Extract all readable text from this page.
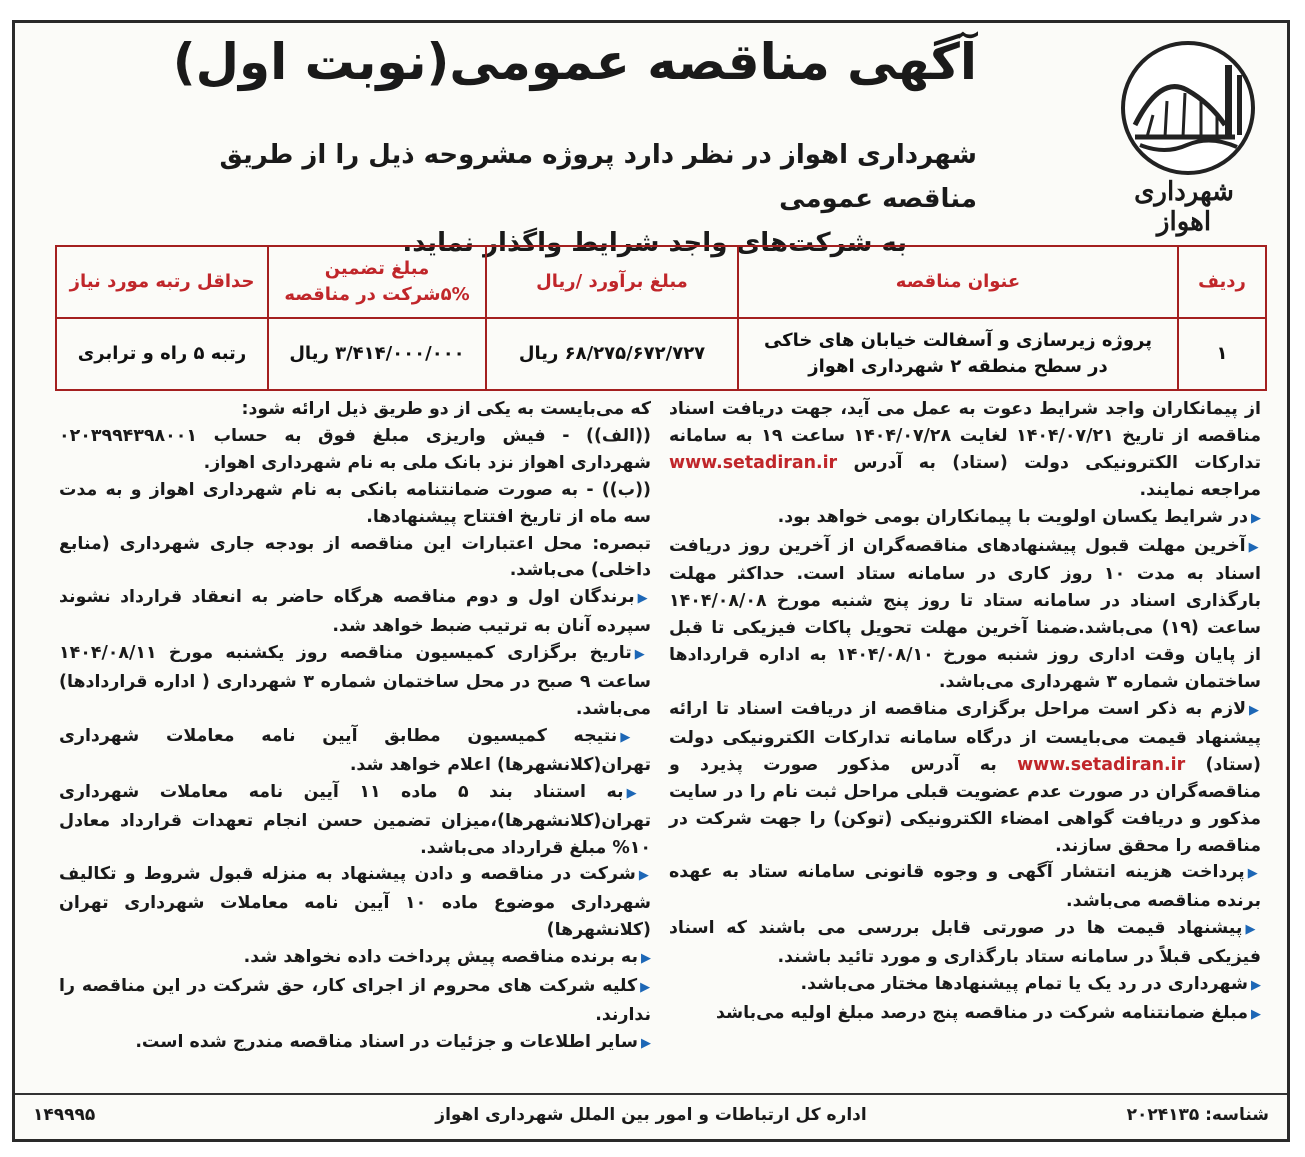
شهرداری اهواز
آگهی مناقصه عمومی(نوبت اول)
شهرداری اهواز در نظر دارد پروژه مشروحه ذیل را از طریق مناقصه عمومی
به شرکت‌های واجد شرایط واگذار نماید.
ردیف	عنوان مناقصه	مبلغ برآورد /ریال	مبلغ تضمین
۵%شرکت در مناقصه	حداقل رتبه مورد نیاز
۱	پروژه زیرسازی و آسفالت خیابان های خاکی
در سطح منطقه ۲ شهرداری اهواز	۶۸/۲۷۵/۶۷۲/۷۲۷ ریال	۳/۴۱۴/۰۰۰/۰۰۰ ریال	رتبه ۵ راه و ترابری

از پیمانکاران واجد شرایط دعوت به عمل می آید، جهت دریافت اسناد مناقصه از تاریخ ۱۴۰۴/۰۷/۲۱ لغایت ۱۴۰۴/۰۷/۲۸ ساعت ۱۹ به سامانه تدارکات الکترونیکی دولت (ستاد) به آدرس www.setadiran.ir مراجعه نمایند.

▶در شرایط یکسان اولویت با پیمانکاران بومی خواهد بود.

▶آخرین مهلت قبول پیشنهادهای مناقصه‌گران از آخرین روز دریافت اسناد به مدت ۱۰ روز کاری در سامانه ستاد است. حداکثر مهلت بارگذاری اسناد در سامانه ستاد تا روز پنج شنبه مورخ ۱۴۰۴/۰۸/۰۸ ساعت (۱۹) می‌باشد.ضمنا آخرین مهلت تحویل پاکات فیزیکی تا قبل از پایان وقت اداری روز شنبه مورخ ۱۴۰۴/۰۸/۱۰ به اداره قراردادها ساختمان شماره ۳ شهرداری می‌باشد.

▶لازم به ذکر است مراحل برگزاری مناقصه از دریافت اسناد تا ارائه پیشنهاد قیمت می‌بایست از درگاه سامانه تدارکات الکترونیکی دولت (ستاد) www.setadiran.ir به آدرس مذکور صورت پذیرد و مناقصه‌گران در صورت عدم عضویت قبلی مراحل ثبت نام را در سایت مذکور و دریافت گواهی امضاء الکترونیکی (توکن) را جهت شرکت در مناقصه را محقق سازند.

▶پرداخت هزینه انتشار آگهی و وجوه قانونی سامانه ستاد به عهده برنده مناقصه می‌باشد.

▶پیشنهاد قیمت ها در صورتی قابل بررسی می باشند که اسناد فیزیکی قبلاً در سامانه ستاد بارگذاری و مورد تائید باشند.

▶شهرداری در رد یک یا تمام پیشنهادها مختار می‌باشد.

▶مبلغ ضمانتنامه شرکت در مناقصه پنج درصد مبلغ اولیه می‌باشد

که می‌بایست به یکی از دو طریق ذیل ارائه شود:

((الف)) - فیش واریزی مبلغ فوق به حساب ۰۲۰۳۹۹۴۳۹۸۰۰۱ شهرداری اهواز نزد بانک ملی به نام شهرداری اهواز.

((ب)) - به صورت ضمانتنامه بانکی به نام شهرداری اهواز و به مدت سه ماه از تاریخ افتتاح پیشنهادها.

تبصره: محل اعتبارات این مناقصه از بودجه جاری شهرداری (منابع داخلی) می‌باشد.

▶برندگان اول و دوم مناقصه هرگاه حاضر به انعقاد قرارداد نشوند سپرده آنان به ترتیب ضبط خواهد شد.

▶تاریخ برگزاری کمیسیون مناقصه روز یکشنبه مورخ ۱۴۰۴/۰۸/۱۱ ساعت ۹ صبح در محل ساختمان شماره ۳ شهرداری ( اداره قراردادها) می‌باشد.

▶نتیجه کمیسیون مطابق آیین نامه معاملات شهرداری تهران(کلانشهرها) اعلام خواهد شد.

▶به استناد بند ۵ ماده ۱۱ آیین نامه معاملات شهرداری تهران(کلانشهرها)،میزان تضمین حسن انجام تعهدات قرارداد معادل ۱۰% مبلغ قرارداد می‌باشد.

▶شرکت در مناقصه و دادن پیشنهاد به منزله قبول شروط و تکالیف شهرداری موضوع ماده ۱۰ آیین نامه معاملات شهرداری تهران (کلانشهرها)

▶به برنده مناقصه پیش پرداخت داده نخواهد شد.

▶کلیه شرکت های محروم از اجرای کار، حق شرکت در این مناقصه را ندارند.

▶سایر اطلاعات و جزئیات در اسناد مناقصه مندرج شده است.

شناسه: ۲۰۲۴۱۳۵
اداره کل ارتباطات و امور بین الملل شهرداری اهواز
۱۴۹۹۹۵
